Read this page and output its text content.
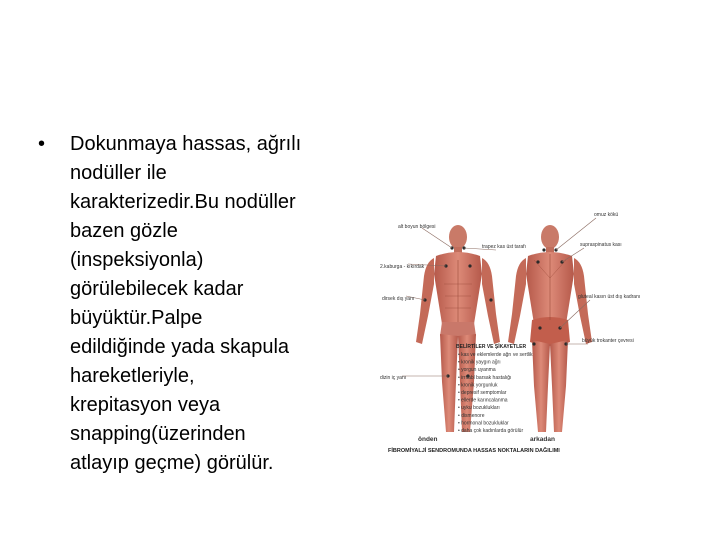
• Dokunmaya hassas, ağrılı
nodüller ile
karakterizedir.Bu nodüller
bazen gözle
(inspeksiyonla)
görülebilecek kadar
büyüktür.Palpe
edildiğinde yada skapula
hareketleriyle,
krepitasyon veya
snapping(üzerinden
atlayıp geçme) görülür.
alt boyun bölgesi
2.kaburga - kıkırdak
dirsek dış yanı
dizin iç yanı
trapez kas üst tarafı
omuz kökü
supraspinatus kası
gluteal kasın üst dış kadranı
büyük trokanter çevresi
BELİRTİLER VE ŞİKAYETLER
• kas ve eklemlerde ağrı ve sertlik
• kronik yaygın ağrı
• yorgun uyanma
• irritabl barsak hastalığı
• kronik yorgunluk
• depresif semptomlar
• ellerde karıncalanma
• uyku bozuklukları
• dismenore
• hormonal bozukluklar
• daha çok kadınlarda görülür
önden	arkadan
FİBROMİYALJİ SENDROMUNDA HASSAS NOKTALARIN DAĞILIMI
